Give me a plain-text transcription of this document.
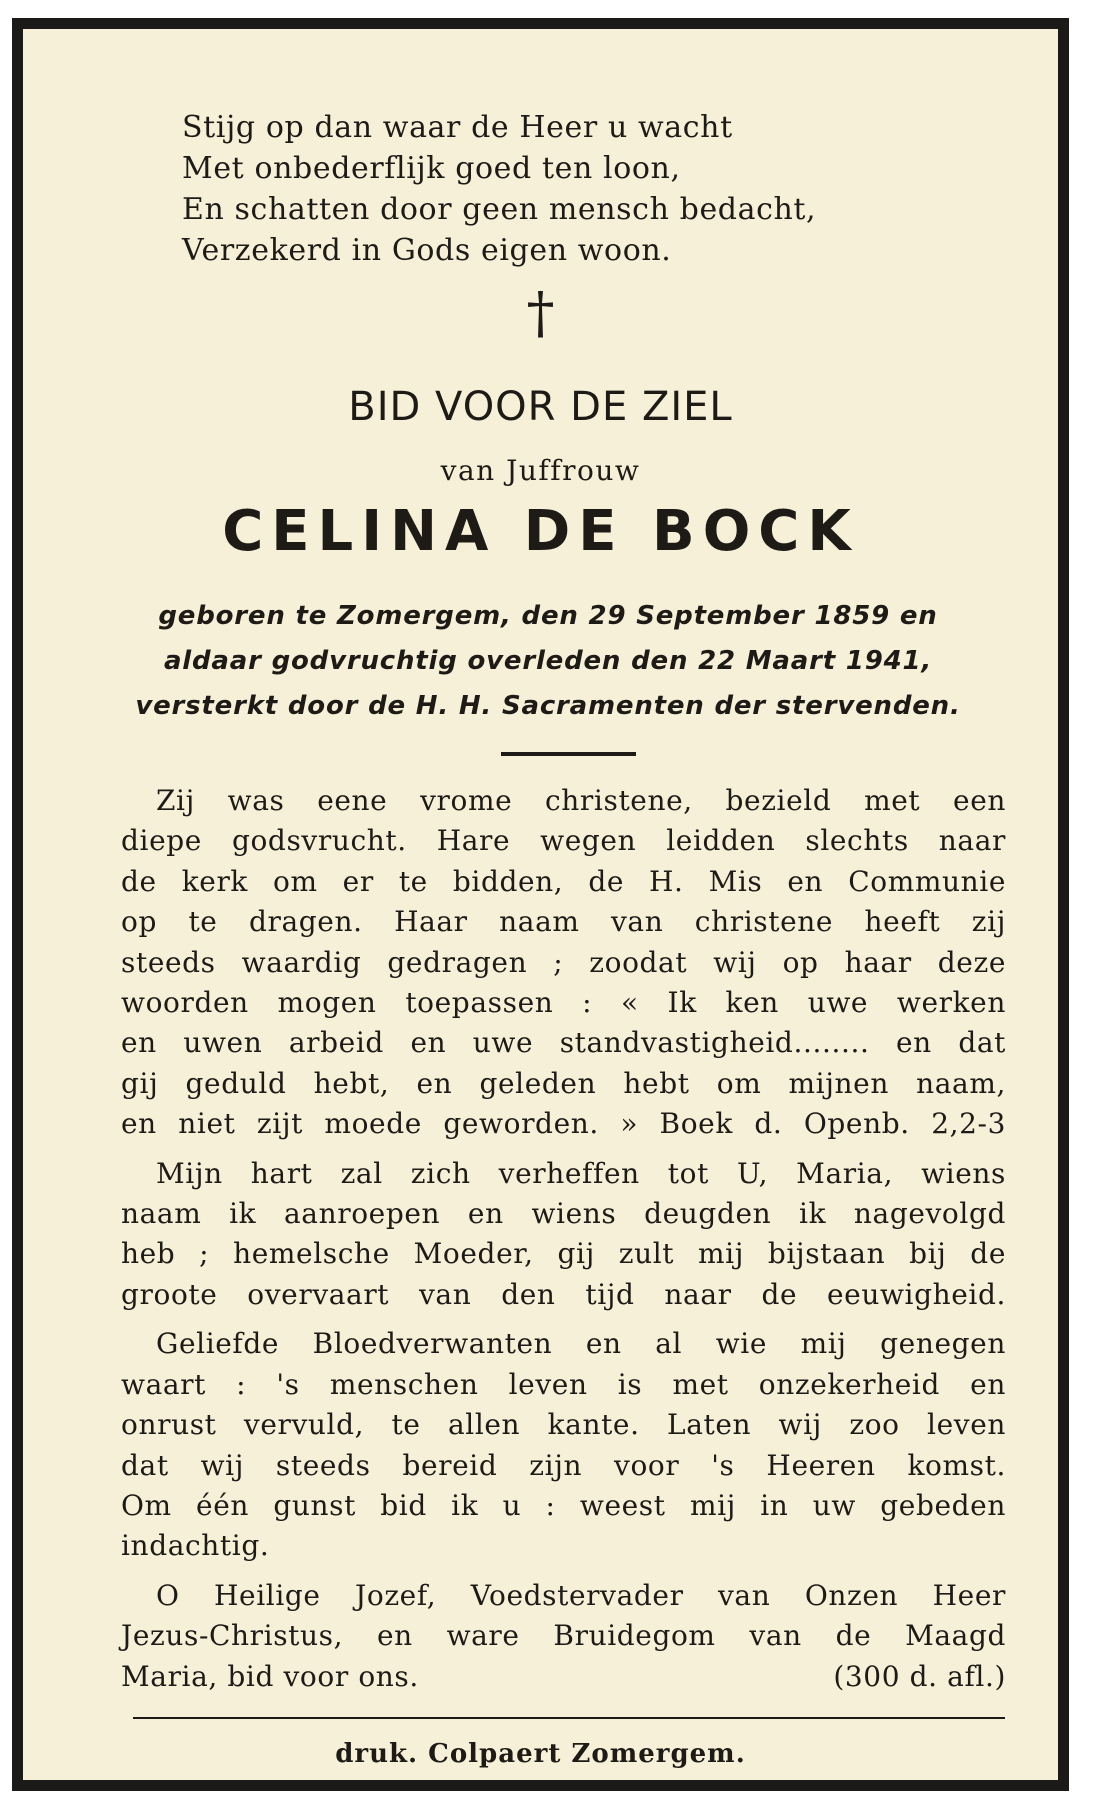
Stijg op dan waar de Heer u wacht
Met onbederflijk goed ten loon,
En schatten door geen mensch bedacht,
Verzekerd in Gods eigen woon.
†
BID VOOR DE ZIEL
van Juffrouw
CELINA DE BOCK
geboren te Zomergem, den 29 September 1859 en
aldaar godvruchtig overleden den 22 Maart 1941,
versterkt door de H. H. Sacramenten der stervenden.
Zij was eene vrome christene, bezield met een
diepe godsvrucht. Hare wegen leidden slechts naar
de kerk om er te bidden, de H. Mis en Communie
op te dragen. Haar naam van christene heeft zij
steeds waardig gedragen ; zoodat wij op haar deze
woorden mogen toepassen : « Ik ken uwe werken
en uwen arbeid en uwe standvastigheid........ en dat
gij geduld hebt, en geleden hebt om mijnen naam,
en niet zijt moede geworden. » Boek d. Openb. 2,2-3
Mijn hart zal zich verheffen tot U, Maria, wiens
naam ik aanroepen en wiens deugden ik nagevolgd
heb ; hemelsche Moeder, gij zult mij bijstaan bij de
groote overvaart van den tijd naar de eeuwigheid.
Geliefde Bloedverwanten en al wie mij genegen
waart : 's menschen leven is met onzekerheid en
onrust vervuld, te allen kante. Laten wij zoo leven
dat wij steeds bereid zijn voor 's Heeren komst.
Om één gunst bid ik u : weest mij in uw gebeden
indachtig.
O Heilige Jozef, Voedstervader van Onzen Heer
Jezus-Christus, en ware Bruidegom van de Maagd
Maria, bid voor ons.	(300 d. afl.)
druk. Colpaert Zomergem.
